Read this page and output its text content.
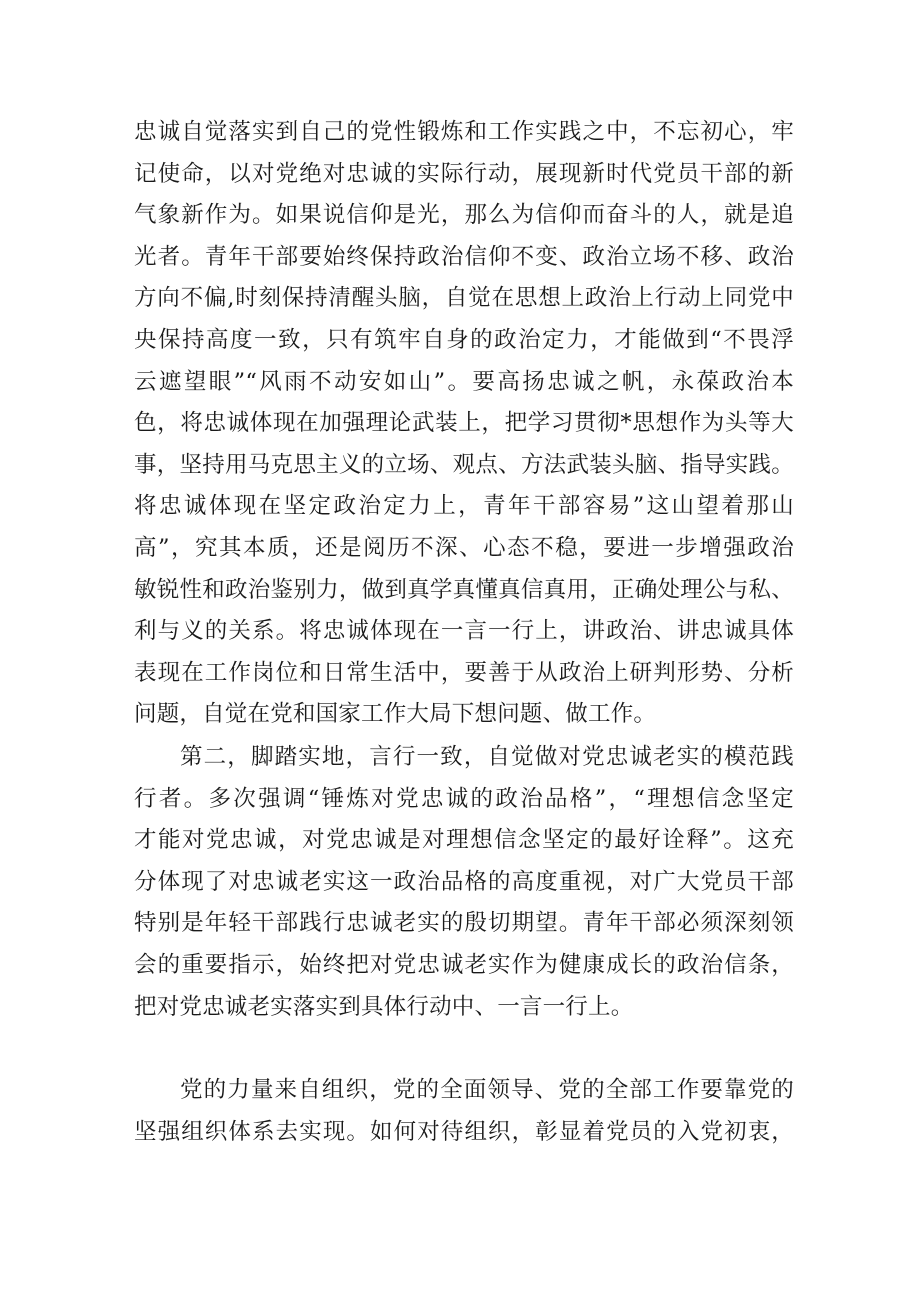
忠诚自觉落实到自己的党性锻炼和工作实践之中，不忘初心，牢
记使命，以对党绝对忠诚的实际行动，展现新时代党员干部的新
气象新作为。如果说信仰是光，那么为信仰而奋斗的人，就是追
光者。青年干部要始终保持政治信仰不变、政治立场不移、政治
方向不偏,时刻保持清醒头脑，自觉在思想上政治上行动上同党中
央保持高度一致，只有筑牢自身的政治定力，才能做到“不畏浮
云遮望眼”“风雨不动安如山”。要高扬忠诚之帆，永葆政治本
色，将忠诚体现在加强理论武装上，把学习贯彻*思想作为头等大
事，坚持用马克思主义的立场、观点、方法武装头脑、指导实践。
将忠诚体现在坚定政治定力上，青年干部容易”这山望着那山
高”，究其本质，还是阅历不深、心态不稳，要进一步增强政治
敏锐性和政治鉴别力，做到真学真懂真信真用，正确处理公与私、
利与义的关系。将忠诚体现在一言一行上，讲政治、讲忠诚具体
表现在工作岗位和日常生活中，要善于从政治上研判形势、分析
问题，自觉在党和国家工作大局下想问题、做工作。
第二，脚踏实地，言行一致，自觉做对党忠诚老实的模范践
行者。多次强调“锤炼对党忠诚的政治品格”，“理想信念坚定
才能对党忠诚，对党忠诚是对理想信念坚定的最好诠释”。这充
分体现了对忠诚老实这一政治品格的高度重视，对广大党员干部
特别是年轻干部践行忠诚老实的殷切期望。青年干部必须深刻领
会的重要指示，始终把对党忠诚老实作为健康成长的政治信条，
把对党忠诚老实落实到具体行动中、一言一行上。
党的力量来自组织，党的全面领导、党的全部工作要靠党的
坚强组织体系去实现。如何对待组织，彰显着党员的入党初衷，
